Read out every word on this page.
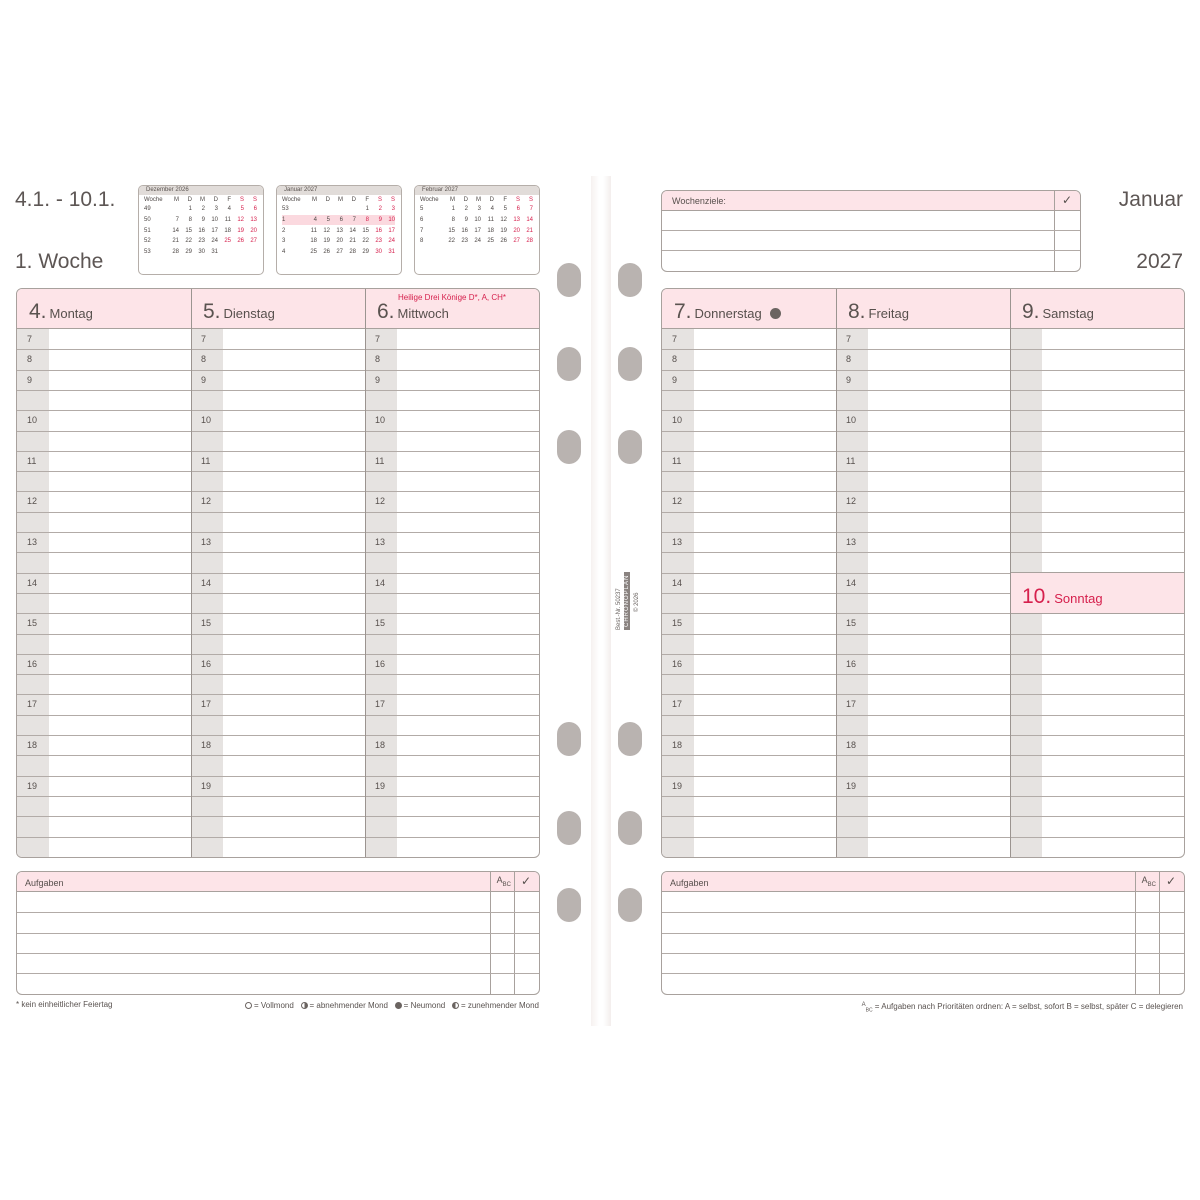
4.1. - 10.1.
1. Woche
Dezember 2026
Woche	M	D	M	D	F	S	S
49		1	2	3	4	5	6
50	7	8	9	10	11	12	13
51	14	15	16	17	18	19	20
52	21	22	23	24	25	26	27
53	28	29	30	31			
Januar 2027
Woche	M	D	M	D	F	S	S
53					1	2	3
1	4	5	6	7	8	9	10
2	11	12	13	14	15	16	17
3	18	19	20	21	22	23	24
4	25	26	27	28	29	30	31
Februar 2027
Woche	M	D	M	D	F	S	S
5	1	2	3	4	5	6	7
6	8	9	10	11	12	13	14
7	15	16	17	18	19	20	21
8	22	23	24	25	26	27	28
Januar
2027
Wochenziele:	✓
4. Montag
7
8
9
10
11
12
13
14
15
16
17
18
19
5. Dienstag
7
8
9
10
11
12
13
14
15
16
17
18
19
6. Mittwoch
Heilige Drei Könige D*, A, CH*
7
8
9
10
11
12
13
14
15
16
17
18
19
7. Donnerstag
7
8
9
10
11
12
13
14
15
16
17
18
19
8. Freitag
7
8
9
10
11
12
13
14
15
16
17
18
19
9. Samstag
10. Sonntag
Aufgaben	$A_{BC}$ ✓	Aufgaben	$A_{BC}$ ✓
* kein einheitlicher Feiertag	= Vollmond = abnehmender Mond = Neumond = zunehmender Mond	$^A_{BC}$ = Aufgaben nach Prioritäten ordnen: A = selbst, sofort B = selbst, später C = delegieren
Best.-Nr. 50237 CHRONOPLAN © 2026
